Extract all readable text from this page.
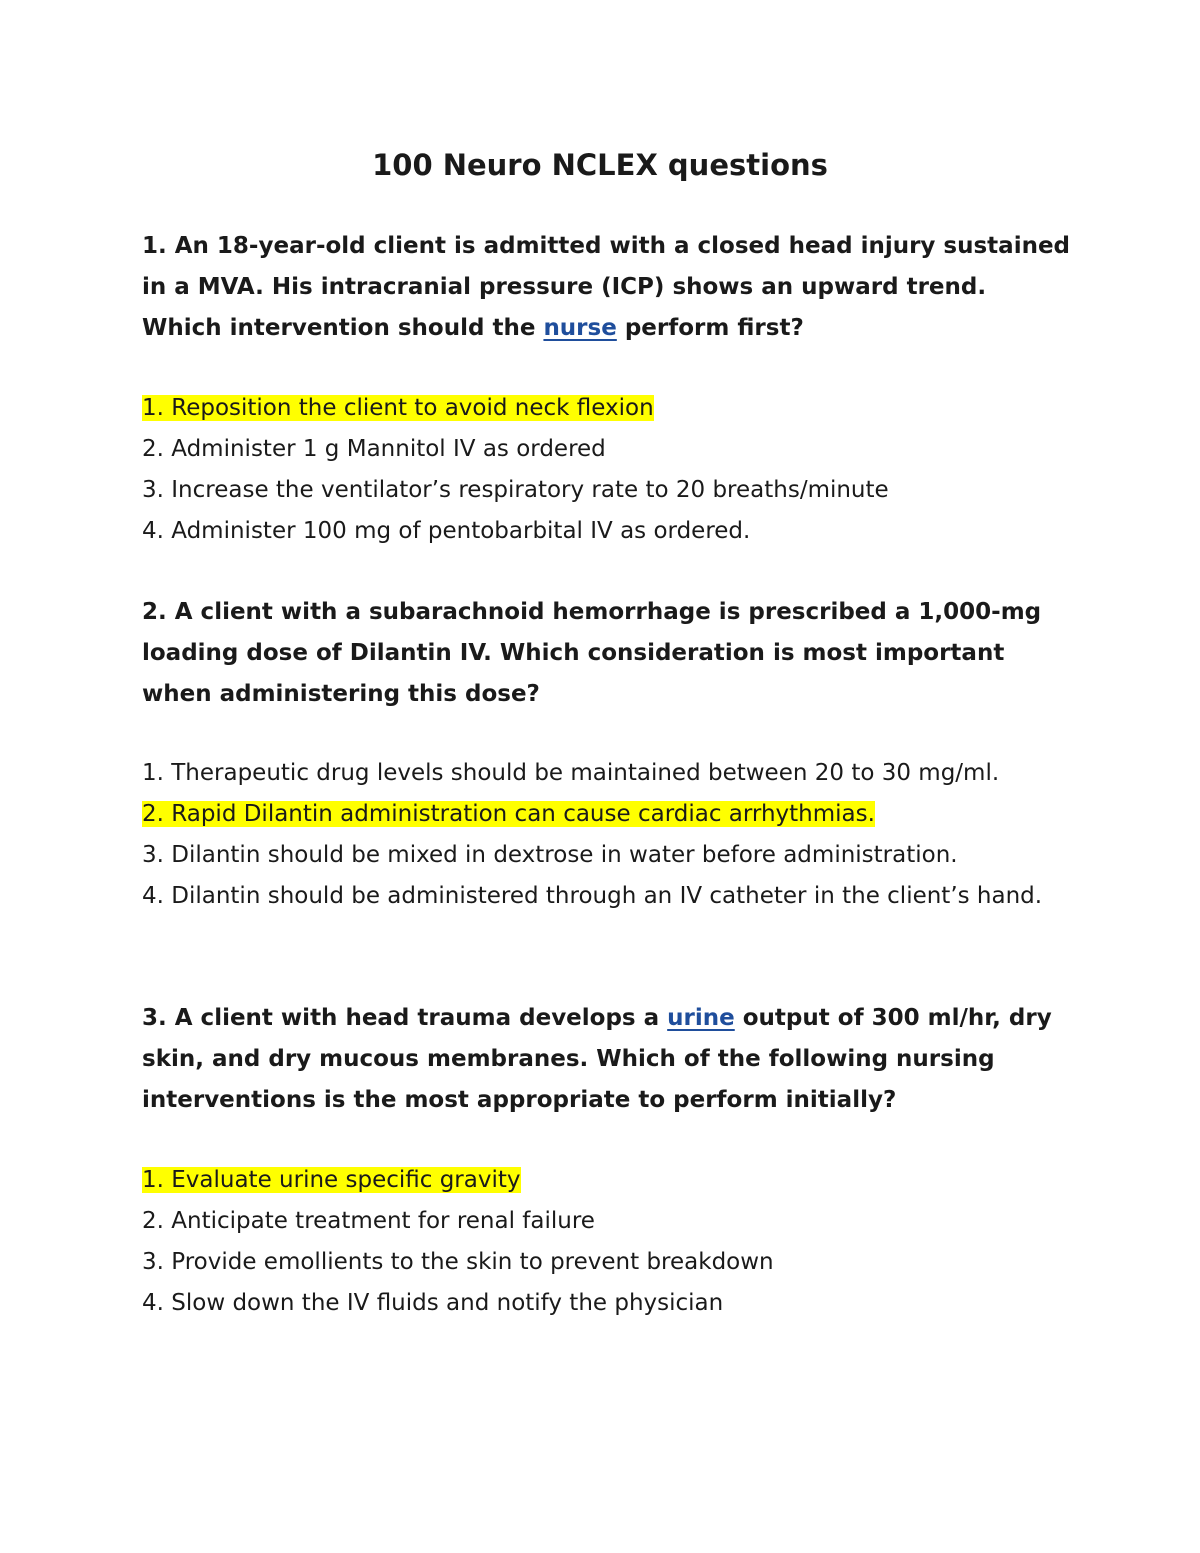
100 Neuro NCLEX questions

1. An 18-year-old client is admitted with a closed head injury sustained in a MVA. His intracranial pressure (ICP) shows an upward trend. Which intervention should the nurse perform first?

1. Reposition the client to avoid neck flexion
2. Administer 1 g Mannitol IV as ordered
3. Increase the ventilator’s respiratory rate to 20 breaths/minute
4. Administer 100 mg of pentobarbital IV as ordered.

2. A client with a subarachnoid hemorrhage is prescribed a 1,000-mg loading dose of Dilantin IV. Which consideration is most important when administering this dose?

1. Therapeutic drug levels should be maintained between 20 to 30 mg/ml.
2. Rapid Dilantin administration can cause cardiac arrhythmias.
3. Dilantin should be mixed in dextrose in water before administration.
4. Dilantin should be administered through an IV catheter in the client’s hand.

3. A client with head trauma develops a urine output of 300 ml/hr, dry skin, and dry mucous membranes. Which of the following nursing interventions is the most appropriate to perform initially?

1. Evaluate urine specific gravity
2. Anticipate treatment for renal failure
3. Provide emollients to the skin to prevent breakdown
4. Slow down the IV fluids and notify the physician
